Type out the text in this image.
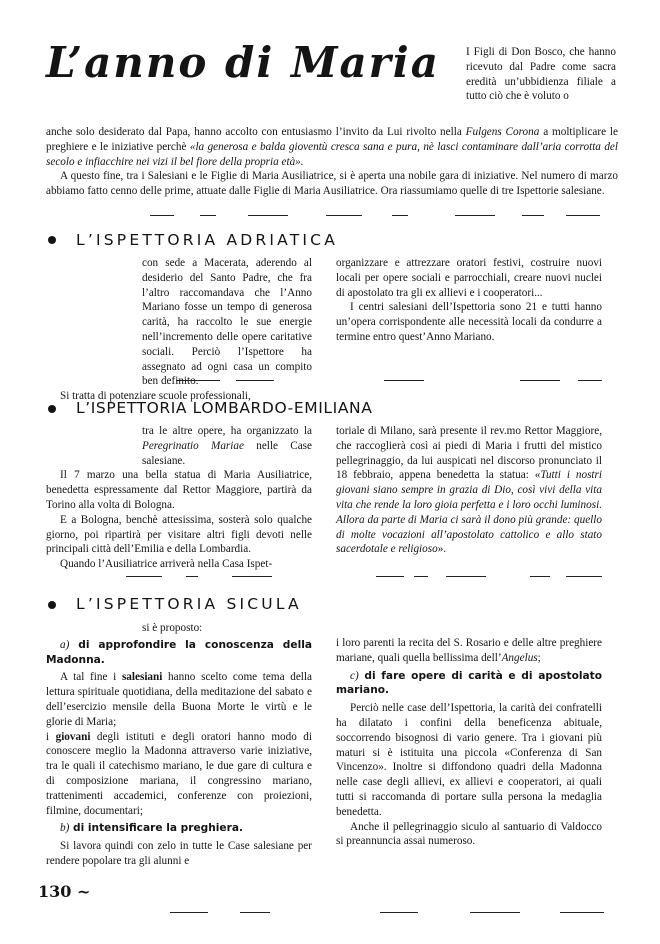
L’anno di Maria I Figli di Don Bosco, che hanno ricevuto dal Padre come sacra eredità un’ubbidienza filiale a tutto ciò che è voluto o

anche solo desiderato dal Papa, hanno accolto con entusiasmo l’invito da Lui rivolto nella Fulgens Corona a moltiplicare le preghiere e le iniziative perchè «la generosa e balda gioventù cresca sana e pura, nè lasci contaminare dall’aria corrotta del secolo e infiacchire nei vizi il bel fiore della propria età».

A questo fine, tra i Salesiani e le Figlie di Maria Ausiliatrice, si è aperta una nobile gara di iniziative. Nel numero di marzo abbiamo fatto cenno delle prime, attuate dalle Figlie di Maria Ausiliatrice. Ora riassumiamo quelle di tre Ispettorie salesiane.

L’ISPETTORIA ADRIATICA

con sede a Macerata, aderendo al desiderio del Santo Padre, che fra l’altro raccomandava che l’Anno Mariano fosse un tempo di generosa carità, ha raccolto le sue energie nell’incremento delle opere caritative sociali. Perciò l’Ispettore ha assegnato ad ogni casa un compito ben definito.

Si tratta di potenziare scuole professionali,

organizzare e attrezzare oratori festivi, costruire nuovi locali per opere sociali e parrocchiali, creare nuovi nuclei di apostolato tra gli ex allievi e i cooperatori...

I centri salesiani dell’Ispettoria sono 21 e tutti hanno un’opera corrispondente alle necessità locali da condurre a termine entro quest’Anno Mariano.

L’ISPETTORIA LOMBARDO-EMILIANA

tra le altre opere, ha organizzato la Peregrinatio Mariae nelle Case salesiane.

Il 7 marzo una bella statua di Maria Ausiliatrice, benedetta espressamente dal Rettor Maggiore, partirà da Torino alla volta di Bologna.

E a Bologna, benchè attesissima, sosterà solo qualche giorno, poi ripartirà per visitare altri figli devoti nelle principali città dell’Emilia e della Lombardia.

Quando l’Ausiliatrice arriverà nella Casa Ispet-

toriale di Milano, sarà presente il rev.mo Rettor Maggiore, che raccoglierà così ai piedi di Maria i frutti del mistico pellegrinaggio, da lui auspicati nel discorso pronunciato il 18 febbraio, appena benedetta la statua: «Tutti i nostri giovani siano sempre in grazia di Dio, così vivi della vita vita che rende la loro gioia perfetta e i loro occhi luminosi. Allora da parte di Maria ci sarà il dono più grande: quello di molte vocazioni all’apostolato cattolico e allo stato sacerdotale e religioso».

L’ISPETTORIA SICULA

si è proposto:

a) di approfondire la conoscenza della Madonna.

A tal fine i salesiani hanno scelto come tema della lettura spirituale quotidiana, della meditazione del sabato e dell’esercizio mensile della Buona Morte le virtù e le glorie di Maria;

i giovani degli istituti e degli oratori hanno modo di conoscere meglio la Madonna attraverso varie iniziative, tra le quali il catechismo mariano, le due gare di cultura e di composizione mariana, il congressino mariano, trattenimenti accademici, conferenze con proiezioni, filmine, documentari;

b) di intensificare la preghiera.

Si lavora quindi con zelo in tutte le Case salesiane per rendere popolare tra gli alunni e

i loro parenti la recita del S. Rosario e delle altre preghiere mariane, quali quella bellissima dell’Angelus;

c) di fare opere di carità e di apostolato mariano.

Perciò nelle case dell’Ispettoria, la carità dei confratelli ha dilatato i confini della beneficenza abituale, soccorrendo bisognosi di vario genere. Tra i giovani più maturi si è istituita una piccola «Conferenza di San Vincenzo». Inoltre si diffondono quadri della Madonna nelle case degli allievi, ex allievi e cooperatori, ai quali tutti si raccomanda di portare sulla persona la medaglia benedetta.

Anche il pellegrinaggio siculo al santuario di Valdocco si preannuncia assai numeroso.

130 ~
